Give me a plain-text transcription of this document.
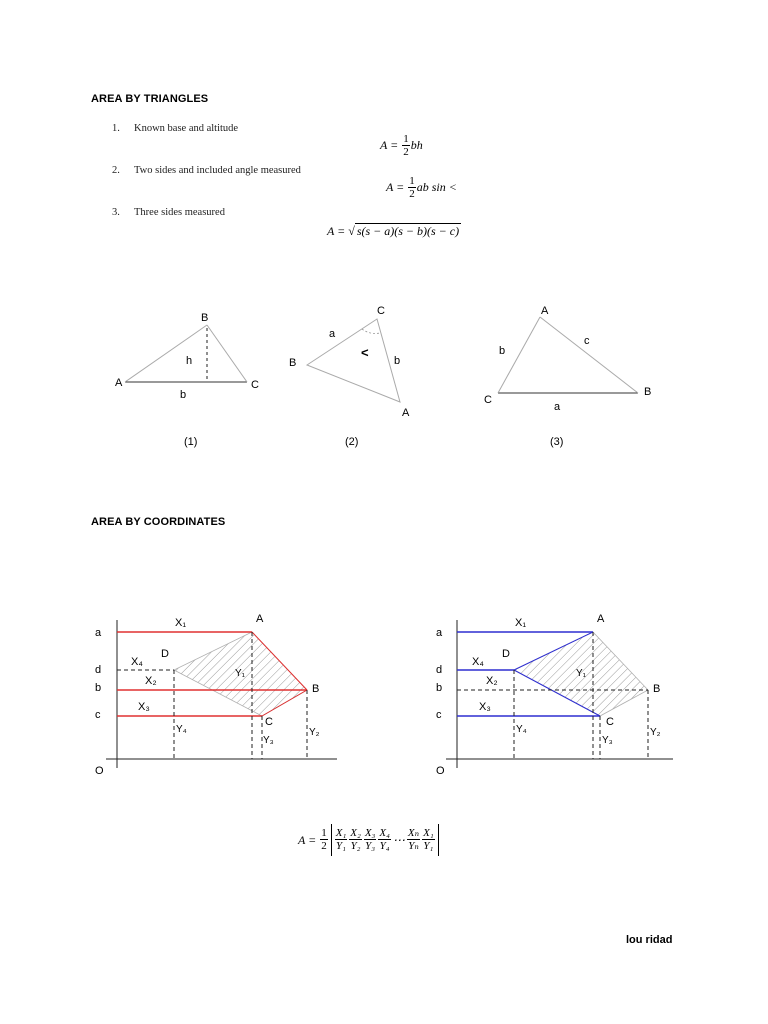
AREA BY TRIANGLES
1. Known base and altitude
2. Two sides and included angle measured
3. Three sides measured
$A = \frac{1}{2}$ bh
$A = \frac{1}{2}$ ab sin <
A = √ s(s − a)(s − b)(s − c)
A
B
C
h
b
(1)
C
B
A
a
b
<
(2)
A
C
B
b
c
a
(3)
AREA BY COORDINATES
a
d
b
c
O
A
B
C
D
X₁
X₂
X₃
X₄
Y₁
Y₂
Y₃
Y₄
a
d
b
c
O
A
B
C
D
X₁
X₂
X₃
X₄
Y₁
Y₂
Y₃
Y₄
$A = \frac{1}{2} \frac{\text{X₁}}{\text{Y₁}} \frac{\text{X₂}}{\text{Y₂}} \frac{\text{X₃}}{\text{Y₃}} \frac{\text{X₄}}{\text{Y₄}}$ ⋯ $\frac{\text{Xₙ}}{\text{Yₙ}} \frac{\text{X₁}}{\text{Y₁}}$
lou ridad
